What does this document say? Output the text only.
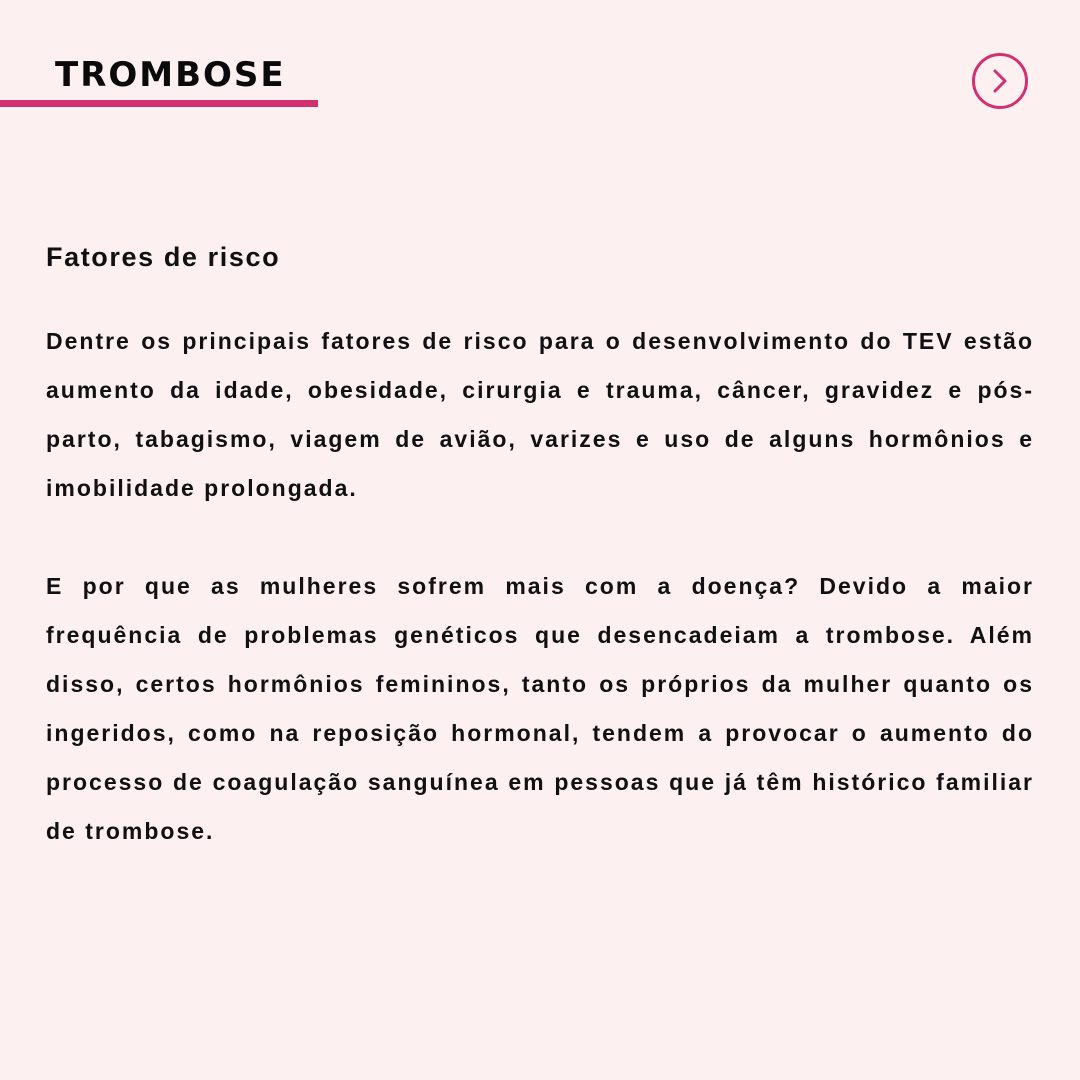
TROMBOSE
Fatores de risco

Dentre os principais fatores de risco para o desenvolvimento do TEV estão aumento da idade, obesidade, cirurgia e trauma, câncer, gravidez e pós-parto, tabagismo, viagem de avião, varizes e uso de alguns hormônios e imobilidade prolongada.

E por que as mulheres sofrem mais com a doença? Devido a maior frequência de problemas genéticos que desencadeiam a trombose. Além disso, certos hormônios femininos, tanto os próprios da mulher quanto os ingeridos, como na reposição hormonal, tendem a provocar o aumento do processo de coagulação sanguínea em pessoas que já têm histórico familiar de trombose.
